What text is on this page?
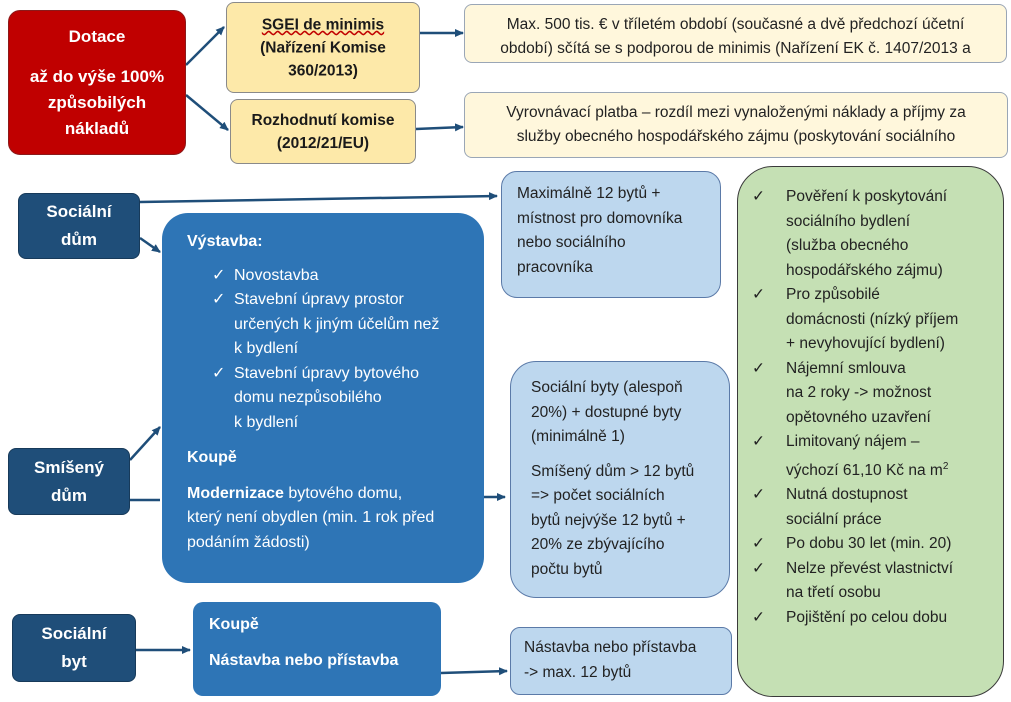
Dotace
až do výše 100%
způsobilých
nákladů
SGEI de minimis
(Nařízení Komise
360/2013)
Max. 500 tis. € v tříletém období (současné a dvě předchozí účetní
období) sčítá se s podporou de minimis (Nařízení EK č. 1407/2013 a
Rozhodnutí komise
(2012/21/EU)
Vyrovnávací platba – rozdíl mezi vynaloženými náklady a příjmy za
služby obecného hospodářského zájmu (poskytování sociálního
Sociální
dům
Smíšený
dům
Sociální
byt
Výstavba:
✓ Novostavba
✓ Stavební úpravy prostor
určených k jiným účelům než
k bydlení
✓ Stavební úpravy bytového
domu nezpůsobilého
k bydlení
Koupě
Modernizace bytového domu,
který není obydlen (min. 1 rok před
podáním žádosti)
Maximálně 12 bytů +
místnost pro domovníka
nebo sociálního
pracovníka
Sociální byty (alespoň
20%) + dostupné byty
(minimálně 1)
Smíšený dům > 12 bytů
=> počet sociálních
bytů nejvýše 12 bytů +
20% ze zbývajícího
počtu bytů
Koupě
Nástavba nebo přístavba
Nástavba nebo přístavba
-> max. 12 bytů
✓ Pověření k poskytování
sociálního bydlení
(služba obecného
hospodářského zájmu)
✓ Pro způsobilé
domácnosti (nízký příjem
+ nevyhovující bydlení)
✓ Nájemní smlouva
na 2 roky -> možnost
opětovného uzavření
✓ Limitovaný nájem –
výchozí 61,10 Kč na $m^2$
✓ Nutná dostupnost
sociální práce
✓ Po dobu 30 let (min. 20)
✓ Nelze převést vlastnictví
na třetí osobu
✓ Pojištění po celou dobu
